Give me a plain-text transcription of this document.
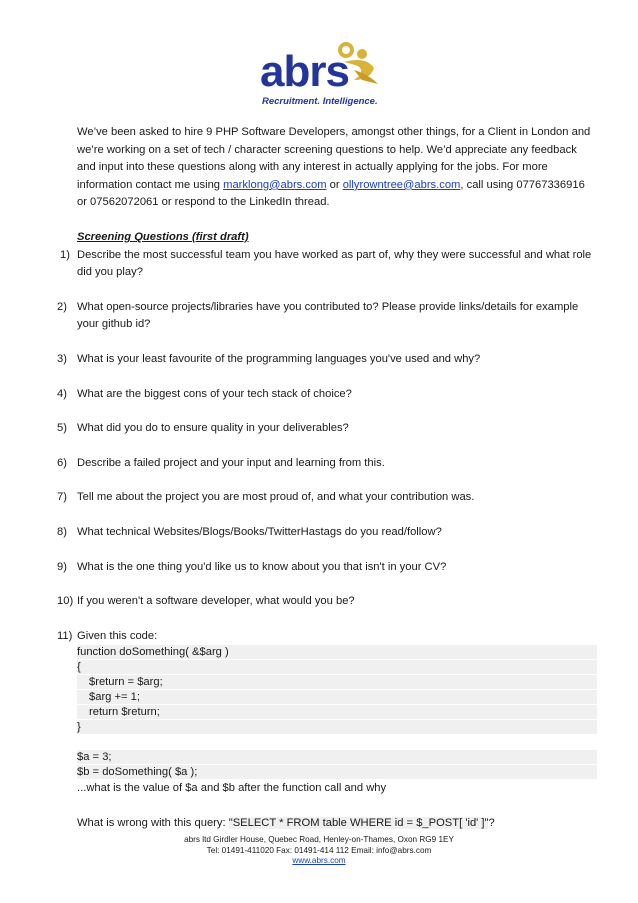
abrs
Recruitment. Intelligence.

We’ve been asked to hire 9 PHP Software Developers, amongst other things, for a Client in London and we’re working on a set of tech / character screening questions to help. We’d appreciate any feedback and input into these questions along with any interest in actually applying for the jobs. For more information contact me using marklong@abrs.com or ollyrowntree@abrs.com, call using 07767336916 or 07562072061 or respond to the LinkedIn thread.

Screening Questions (first draft)
1) Describe the most successful team you have worked as part of, why they were successful and what role did you play?
2) What open-source projects/libraries have you contributed to? Please provide links/details for example your github id?
3) What is your least favourite of the programming languages you've used and why?
4) What are the biggest cons of your tech stack of choice?
5) What did you do to ensure quality in your deliverables?
6) Describe a failed project and your input and learning from this.
7) Tell me about the project you are most proud of, and what your contribution was.
8) What technical Websites/Blogs/Books/TwitterHastags do you read/follow?
9) What is the one thing you'd like us to know about you that isn't in your CV?
10) If you weren't a software developer, what would you be?
11) Given this code:
function doSomething( &$arg )
{
$return = $arg;
$arg += 1;
return $return;
}
$a = 3;
$b = doSomething( $a );
...what is the value of $a and $b after the function call and why
What is wrong with this query: "SELECT * FROM table WHERE id = $_POST[ 'id' ]"?
abrs ltd Girdler House, Quebec Road, Henley-on-Thames, Oxon RG9 1EY
Tel: 01491-411020 Fax: 01491-414 112 Email: info@abrs.com
www.abrs.com
